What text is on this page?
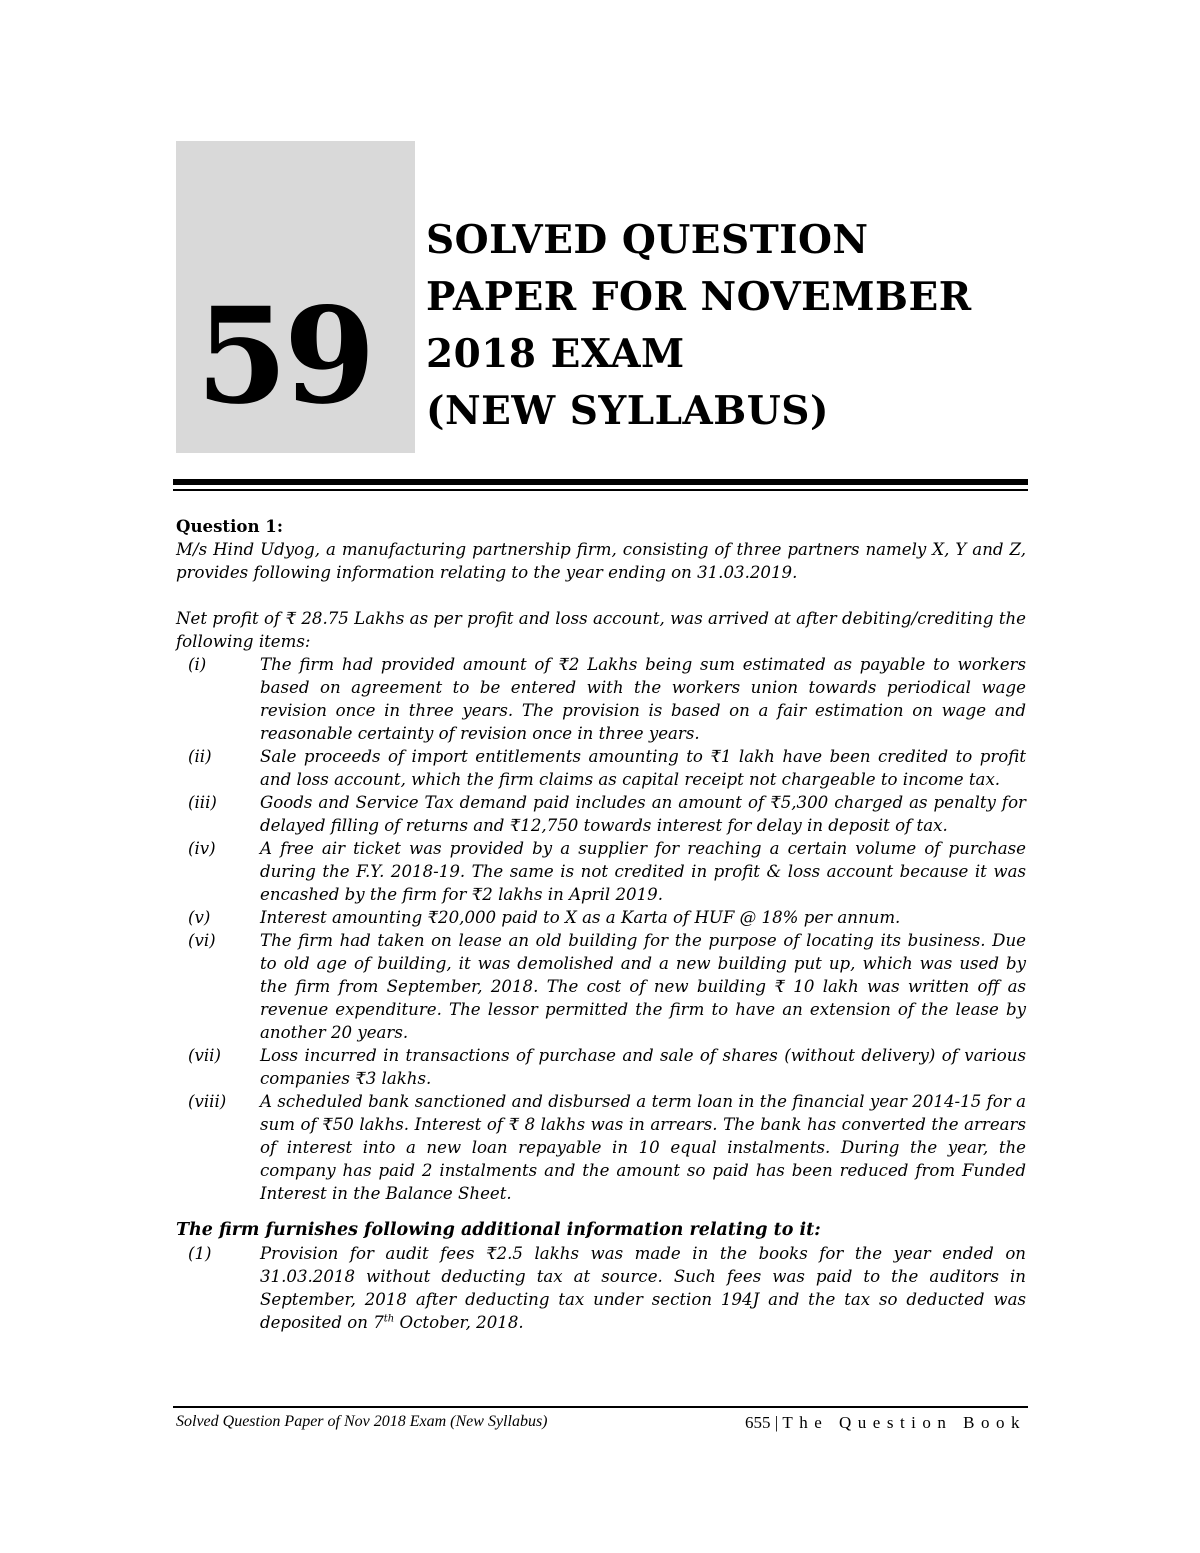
59
SOLVED QUESTION
PAPER FOR NOVEMBER
2018 EXAM
(NEW SYLLABUS)
Question 1:
M/s Hind Udyog, a manufacturing partnership firm, consisting of three partners namely X, Y and Z, provides following information relating to the year ending on 31.03.2019.
Net profit of ₹ 28.75 Lakhs as per profit and loss account, was arrived at after debiting/crediting the following items:
(i)	The firm had provided amount of ₹2 Lakhs being sum estimated as payable to workers based on agreement to be entered with the workers union towards periodical wage revision once in three years. The provision is based on a fair estimation on wage and reasonable certainty of revision once in three years.
(ii)	Sale proceeds of import entitlements amounting to ₹1 lakh have been credited to profit and loss account, which the firm claims as capital receipt not chargeable to income tax.
(iii)	Goods and Service Tax demand paid includes an amount of ₹5,300 charged as penalty for delayed filling of returns and ₹12,750 towards interest for delay in deposit of tax.
(iv)	A free air ticket was provided by a supplier for reaching a certain volume of purchase during the F.Y. 2018-19. The same is not credited in profit & loss account because it was encashed by the firm for ₹2 lakhs in April 2019.
(v)	Interest amounting ₹20,000 paid to X as a Karta of HUF @ 18% per annum.
(vi)	The firm had taken on lease an old building for the purpose of locating its business. Due to old age of building, it was demolished and a new building put up, which was used by the firm from September, 2018. The cost of new building ₹ 10 lakh was written off as revenue expenditure. The lessor permitted the firm to have an extension of the lease by another 20 years.
(vii)	Loss incurred in transactions of purchase and sale of shares (without delivery) of various companies ₹3 lakhs.
(viii)	A scheduled bank sanctioned and disbursed a term loan in the financial year 2014-15 for a sum of ₹50 lakhs. Interest of ₹ 8 lakhs was in arrears. The bank has converted the arrears of interest into a new loan repayable in 10 equal instalments. During the year, the company has paid 2 instalments and the amount so paid has been reduced from Funded Interest in the Balance Sheet.
The firm furnishes following additional information relating to it:
(1)	Provision for audit fees ₹2.5 lakhs was made in the books for the year ended on 31.03.2018 without deducting tax at source. Such fees was paid to the auditors in September, 2018 after deducting tax under section 194J and the tax so deducted was deposited on 7th October, 2018.
Solved Question Paper of Nov 2018 Exam (New Syllabus)	655 | The Question Book
